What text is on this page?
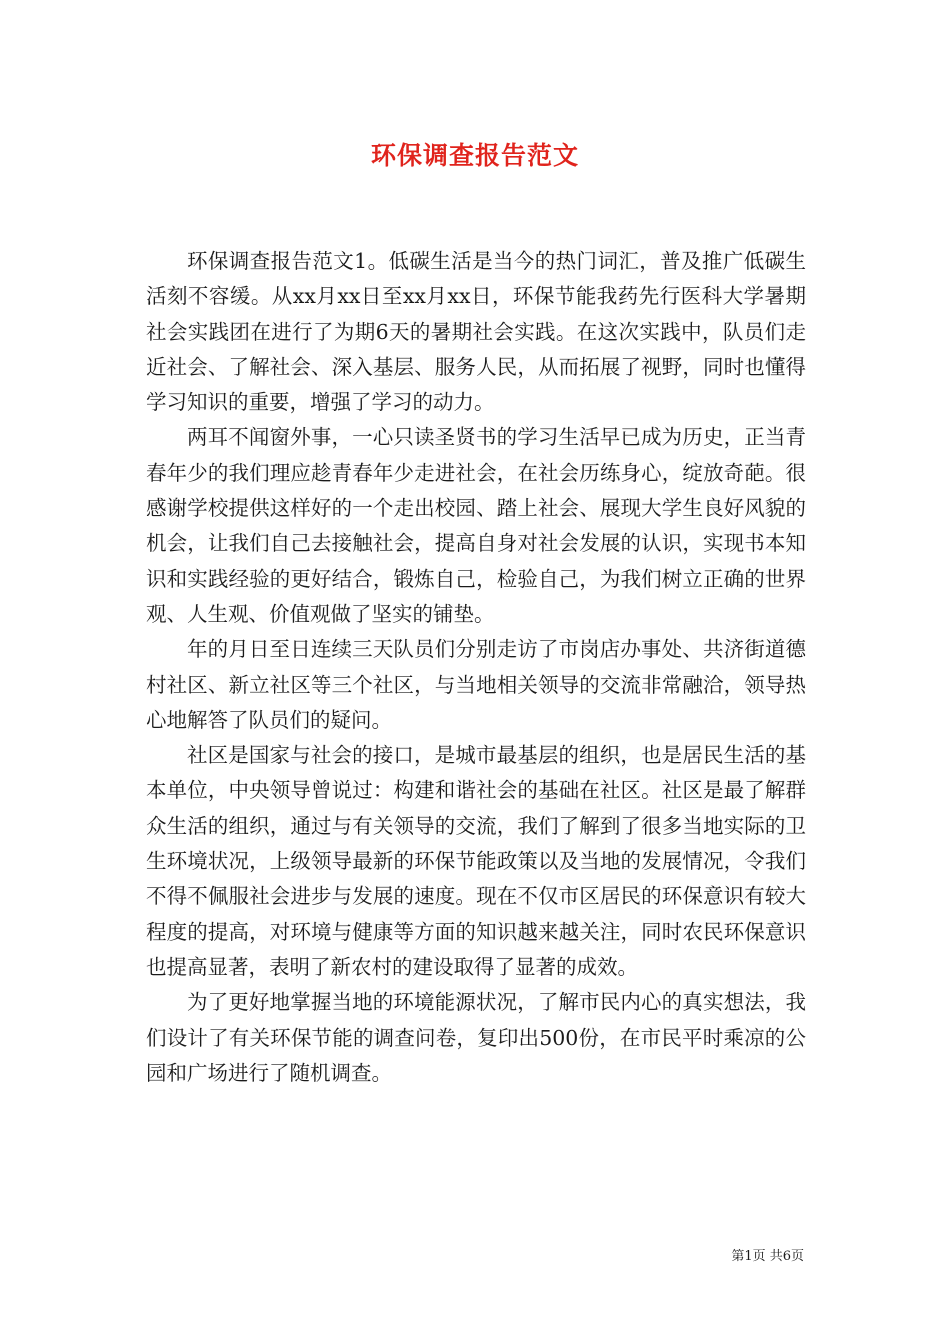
环保调查报告范文

环保调查报告范文1。低碳生活是当今的热门词汇，普及推广低碳生活刻不容缓。从xx月xx日至xx月xx日，环保节能我药先行医科大学暑期社会实践团在进行了为期6天的暑期社会实践。在这次实践中，队员们走近社会、了解社会、深入基层、服务人民，从而拓展了视野，同时也懂得学习知识的重要，增强了学习的动力。

两耳不闻窗外事，一心只读圣贤书的学习生活早已成为历史，正当青春年少的我们理应趁青春年少走进社会，在社会历练身心，绽放奇葩。很感谢学校提供这样好的一个走出校园、踏上社会、展现大学生良好风貌的机会，让我们自己去接触社会，提高自身对社会发展的认识，实现书本知识和实践经验的更好结合，锻炼自己，检验自己，为我们树立正确的世界观、人生观、价值观做了坚实的铺垫。

年的月日至日连续三天队员们分别走访了市岗店办事处、共济街道德村社区、新立社区等三个社区，与当地相关领导的交流非常融洽，领导热心地解答了队员们的疑问。

社区是国家与社会的接口，是城市最基层的组织，也是居民生活的基本单位，中央领导曾说过：构建和谐社会的基础在社区。社区是最了解群众生活的组织，通过与有关领导的交流，我们了解到了很多当地实际的卫生环境状况，上级领导最新的环保节能政策以及当地的发展情况，令我们不得不佩服社会进步与发展的速度。现在不仅市区居民的环保意识有较大程度的提高，对环境与健康等方面的知识越来越关注，同时农民环保意识也提高显著，表明了新农村的建设取得了显著的成效。

为了更好地掌握当地的环境能源状况，了解市民内心的真实想法，我们设计了有关环保节能的调查问卷，复印出500份，在市民平时乘凉的公园和广场进行了随机调查。

第1页 共6页
